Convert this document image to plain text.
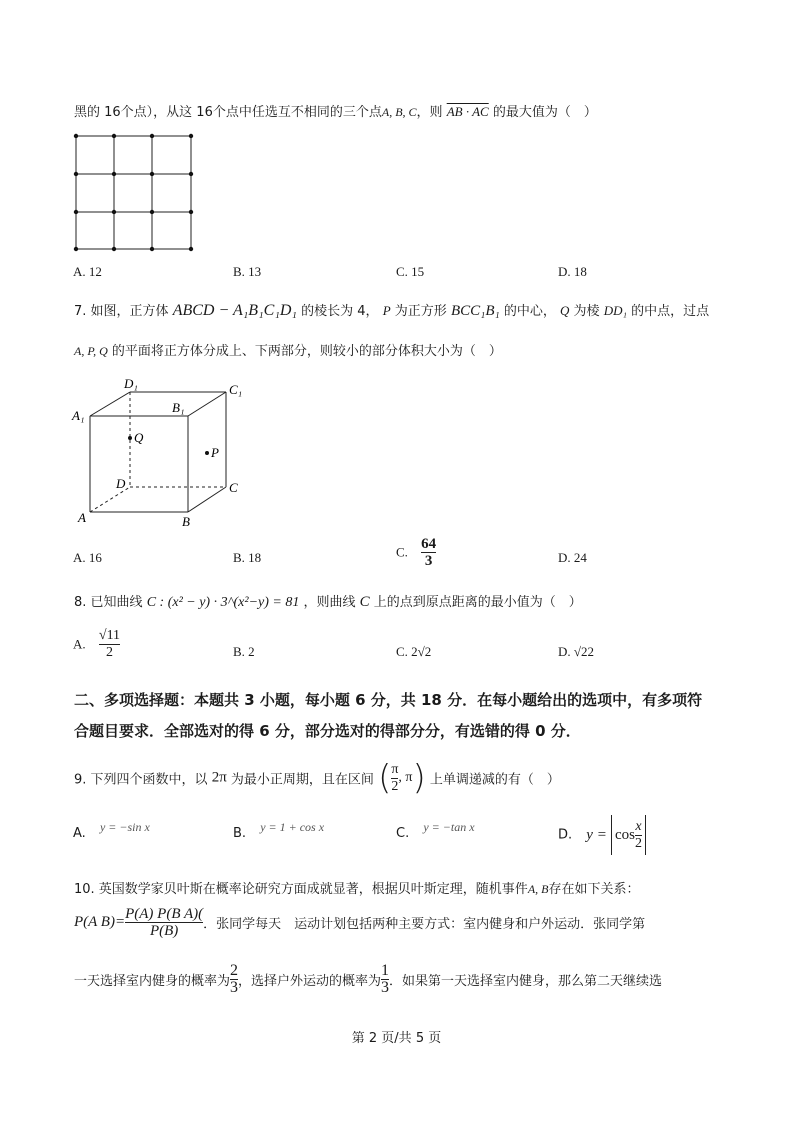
黑的 16个点），从这 16个点中任选互不相同的三个点A, B, C，则 AB · AC 的最大值为（　）
A. 12	B. 13	C. 15	D. 18
7. 如图，正方体 ABCD − A₁B₁C₁D₁ 的棱长为 4， P 为正方形 BCC₁B₁ 的中心， Q 为棱 DD₁ 的中点，过点
A, P, Q 的平面将正方体分成上、下两部分，则较小的部分体积大小为（　）
D₁	C₁
A₁
B₁
Q
P
D	C
A	B
A. 16	B. 18	C. $\frac{64}{3}$	D. 24
8. 已知曲线 C : (x² − y) · 3^(x²−y) = 81 ，则曲线 C 上的点到原点距离的最小值为（　）
A. $\frac{√11}{2}$	B. 2	C. 2√2	D. √22
二、多项选择题：本题共 3 小题，每小题 6 分，共 18 分．在每小题给出的选项中，有多项符
合题目要求．全部选对的得 6 分，部分选对的得部分分，有选错的得 0 分．
9. 下列四个函数中，以 2π 为最小正周期，且在区间 ( $\frac{\pi}{2}$ , π) 上单调递减的有（　）
A. y = −sin x	B. y = 1 + cos x	C. y = −tan x
D. $y = \cos \frac{x}{2}$
10. 英国数学家贝叶斯在概率论研究方面成就显著，根据贝叶斯定理，随机事件A, B存在如下关系：
P(A $B)= \frac{\text{P(A) P(B A)(}}{P(B)}$ ．张同学每天　运动计划包括两种主要方式：室内健身和户外运动．张同学第
一天选择室内健身的概率为 $\frac{2}{3}$ ，选择户外运动的概率为 $\frac{1}{3}$ ．如果第一天选择室内健身，那么第二天继续选
第 2 页/共 5 页
